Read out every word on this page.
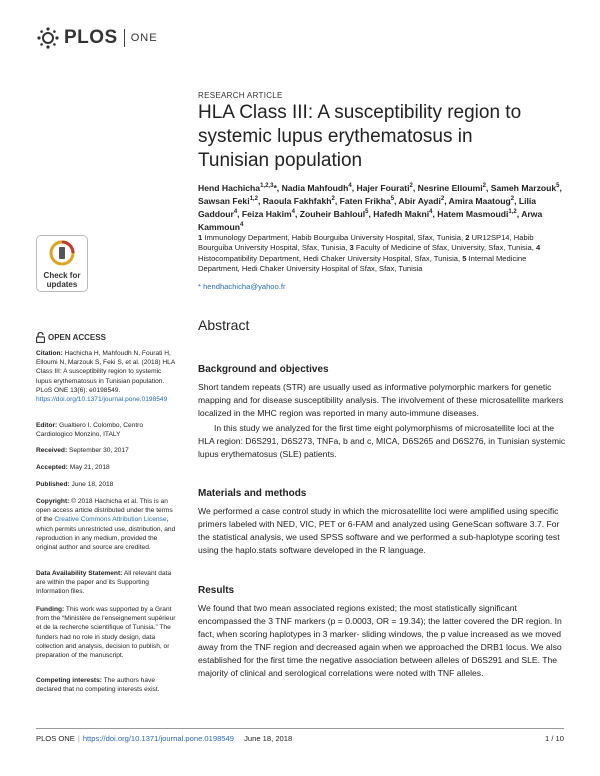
PLOS ONE
RESEARCH ARTICLE
HLA Class III: A susceptibility region to systemic lupus erythematosus in Tunisian population
Hend Hachicha$^{1,2,3}$*, Nadia Mahfoudh$^4$, Hajer Fourati$^2$, Nesrine Elloumi$^2$, Sameh Marzouk$^5$, Sawsan Feki$^{1,2}$, Raoula Fakhfakh$^2$, Faten Frikha$^5$, Abir Ayadi$^2$, Amira Maatoug$^2$, Lilia Gaddour$^4$, Feiza Hakim$^4$, Zouheir Bahloul$^5$, Hafedh Makni$^4$, Hatem Masmoudi$^{1,2}$, Arwa Kammoun$^4$
1 Immunology Department, Habib Bourguiba University Hospital, Sfax, Tunisia, 2 UR12SP14, Habib Bourguiba University Hospital, Sfax, Tunisia, 3 Faculty of Medicine of Sfax, University, Sfax, Tunisia, 4 Histocompatibility Department, Hedi Chaker University Hospital, Sfax, Tunisia, 5 Internal Medicine Department, Hedi Chaker University Hospital of Sfax, Sfax, Tunisia
* hendhachicha@yahoo.fr
Abstract
Background and objectives

Short tandem repeats (STR) are usually used as informative polymorphic markers for genetic mapping and for disease susceptibility analysis. The involvement of these microsatellite markers localized in the MHC region was reported in many auto-immune diseases.

In this study we analyzed for the first time eight polymorphisms of microsatellite loci at the HLA region: D6S291, D6S273, TNFa, b and c, MICA, D6S265 and D6S276, in Tunisian systemic lupus erythematosus (SLE) patients.

Materials and methods

We performed a case control study in which the microsatellite loci were amplified using specific primers labeled with NED, VIC, PET or 6-FAM and analyzed using GeneScan software 3.7. For the statistical analysis, we used SPSS software and we performed a sub-haplotype scoring test using the haplo.stats software developed in the R language.

Results

We found that two mean associated regions existed; the most statistically significant encompassed the 3 TNF markers (p = 0.0003, OR = 19.34); the latter covered the DR region. In fact, when scoring haplotypes in 3 marker- sliding windows, the p value increased as we moved away from the TNF region and decreased again when we approached the DRB1 locus. We also established for the first time the negative association between alleles of D6S291 and SLE. The majority of clinical and serological correlations were noted with TNF alleles.

Check for
updates
OPEN ACCESS

Citation: Hachicha H, Mahfoudh N, Fourati H, Elloumi N, Marzouk S, Feki S, et al. (2018) HLA Class III: A susceptibility region to systemic lupus erythematosus in Tunisian population. PLoS ONE 13(6): e0198549. https://doi.org/10.1371/journal.pone.0198549

Editor: Gualtiero I. Colombo, Centro Cardiologico Monzino, ITALY

Received: September 30, 2017

Accepted: May 21, 2018

Published: June 18, 2018

Copyright: © 2018 Hachicha et al. This is an open access article distributed under the terms of the Creative Commons Attribution License, which permits unrestricted use, distribution, and reproduction in any medium, provided the original author and source are credited.

Data Availability Statement: All relevant data are within the paper and its Supporting Information files.

Funding: This work was supported by a Grant from the “Ministère de l'enseignement supérieur et de la recherche scientifique of Tunisia.” The funders had no role in study design, data collection and analysis, decision to publish, or preparation of the manuscript.

Competing interests: The authors have declared that no competing interests exist.

PLOS ONE | https://doi.org/10.1371/journal.pone.0198549 June 18, 2018	1 / 10
